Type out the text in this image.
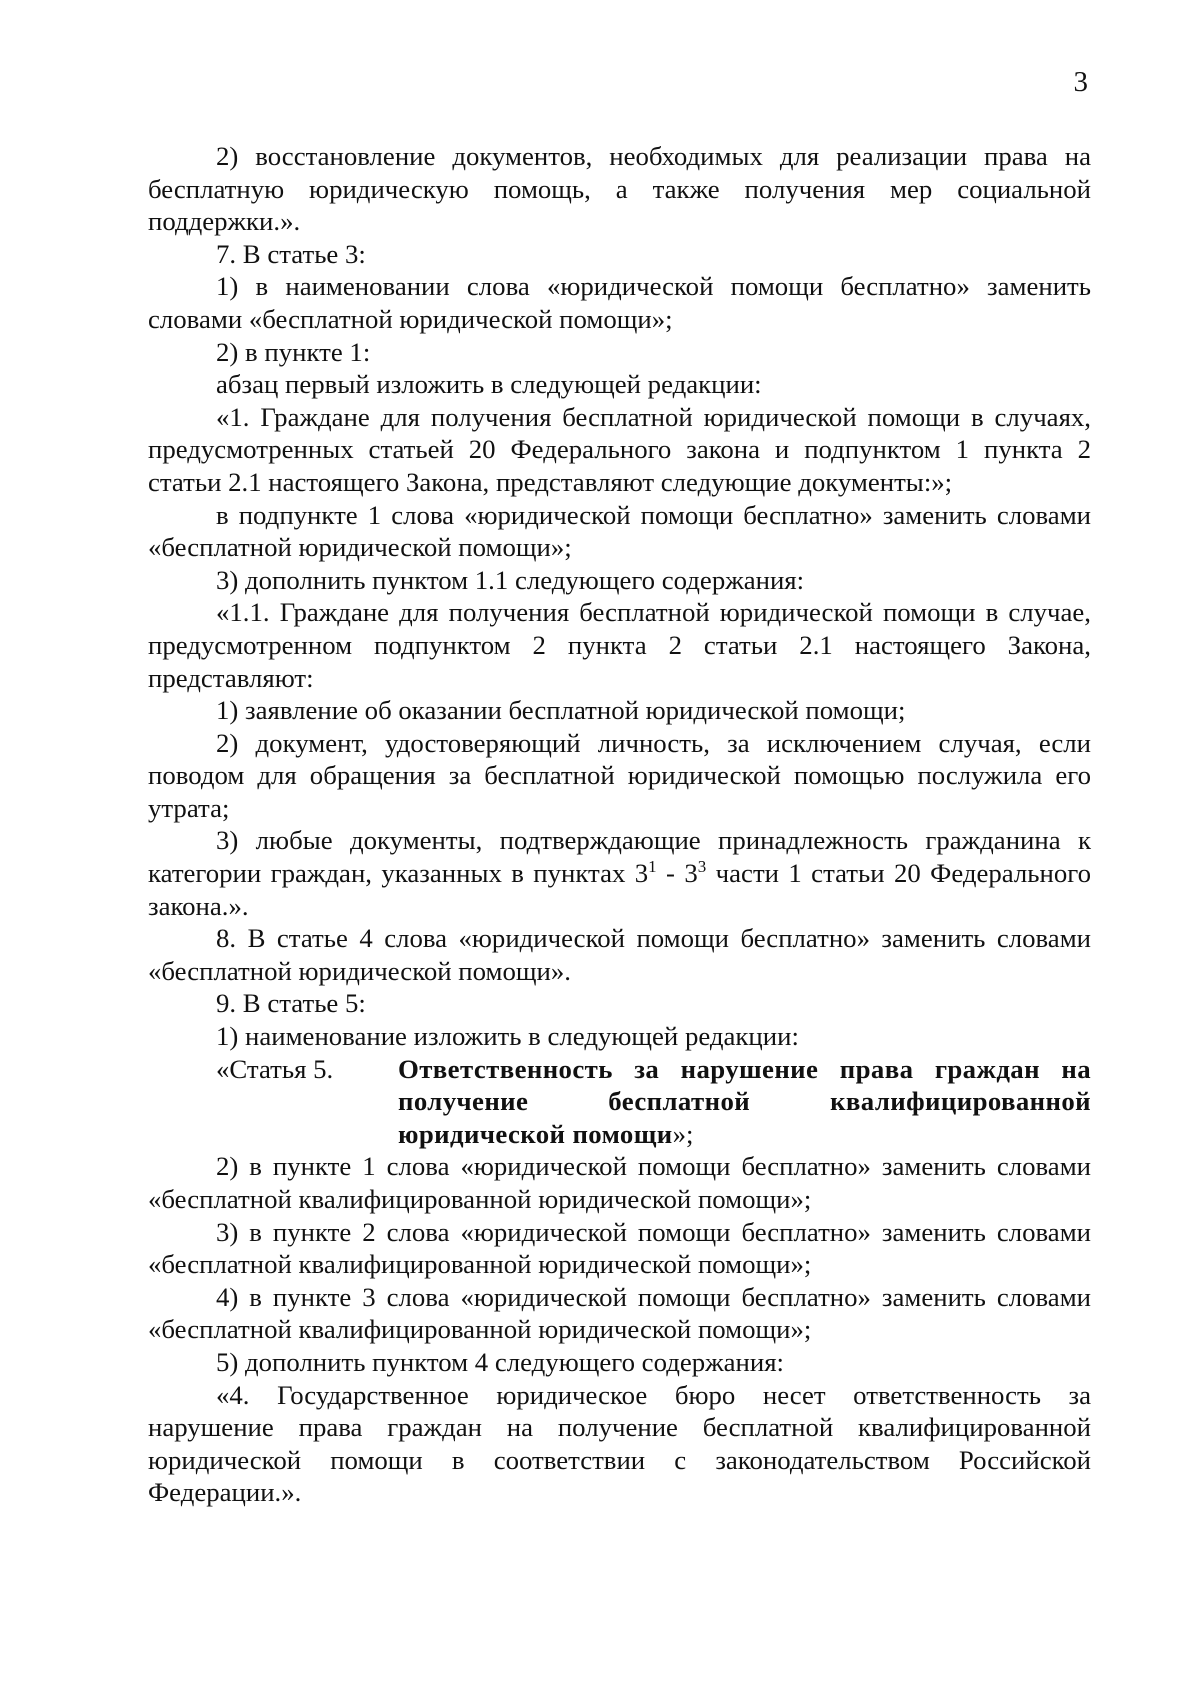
3

2) восстановление документов, необходимых для реализации права на бесплатную юридическую помощь, а также получения мер социальной поддержки.».

7. В статье 3:

1) в наименовании слова «юридической помощи бесплатно» заменить словами «бесплатной юридической помощи»;

2) в пункте 1:

абзац первый изложить в следующей редакции:

«1. Граждане для получения бесплатной юридической помощи в случаях, предусмотренных статьей 20 Федерального закона и подпунктом 1 пункта 2 статьи 2.1 настоящего Закона, представляют следующие документы:»;

в подпункте 1 слова «юридической помощи бесплатно» заменить словами «бесплатной юридической помощи»;

3) дополнить пунктом 1.1 следующего содержания:

«1.1. Граждане для получения бесплатной юридической помощи в случае, предусмотренном подпунктом 2 пункта 2 статьи 2.1 настоящего Закона, представляют:

1) заявление об оказании бесплатной юридической помощи;

2) документ, удостоверяющий личность, за исключением случая, если поводом для обращения за бесплатной юридической помощью послужила его утрата;

3) любые документы, подтверждающие принадлежность гражданина к категории граждан, указанных в пунктах $3^1 - 3^3$ части 1 статьи 20 Федерального закона.».

8. В статье 4 слова «юридической помощи бесплатно» заменить словами «бесплатной юридической помощи».

9. В статье 5:

1) наименование изложить в следующей редакции:

«Статья 5.	Ответственность за нарушение права граждан на получение бесплатной квалифицированной юридической помощи»;

2) в пункте 1 слова «юридической помощи бесплатно» заменить словами «бесплатной квалифицированной юридической помощи»;

3) в пункте 2 слова «юридической помощи бесплатно» заменить словами «бесплатной квалифицированной юридической помощи»;

4) в пункте 3 слова «юридической помощи бесплатно» заменить словами «бесплатной квалифицированной юридической помощи»;

5) дополнить пунктом 4 следующего содержания:

«4. Государственное юридическое бюро несет ответственность за нарушение права граждан на получение бесплатной квалифицированной юридической помощи в соответствии с законодательством Российской Федерации.».
